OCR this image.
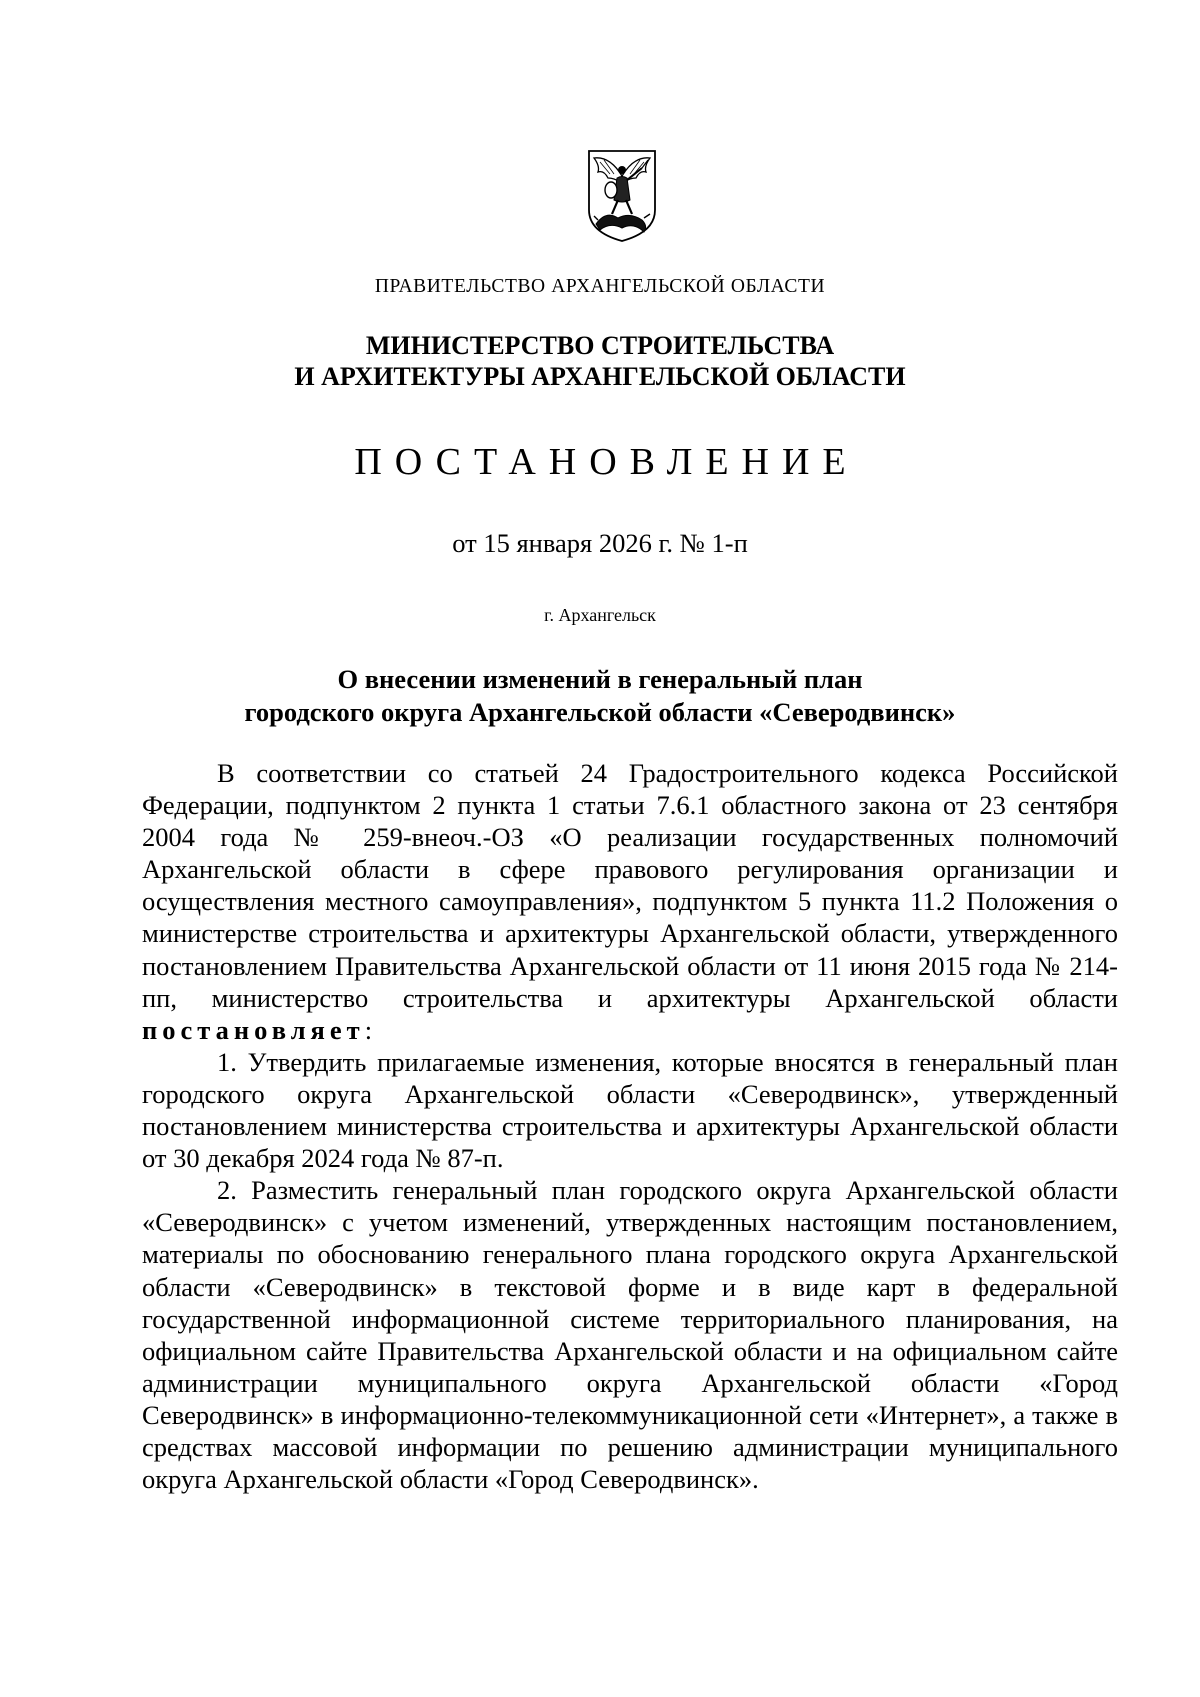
ПРАВИТЕЛЬСТВО АРХАНГЕЛЬСКОЙ ОБЛАСТИ
МИНИСТЕРСТВО СТРОИТЕЛЬСТВА
И АРХИТЕКТУРЫ АРХАНГЕЛЬСКОЙ ОБЛАСТИ
ПОСТАНОВЛЕНИЕ
от 15 января 2026 г. № 1-п
г. Архангельск
О внесении изменений в генеральный план
городского округа Архангельской области «Северодвинск»

В соответствии со статьей 24 Градостроительного кодекса Российской Федерации, подпунктом 2 пункта 1 статьи 7.6.1 областного закона от 23 сентября 2004 года № 259-внеоч.-ОЗ «О реализации государственных полномочий Архангельской области в сфере правового регулирования организации и осуществления местного самоуправления», подпунктом 5 пункта 11.2 Положения о министерстве строительства и архитектуры Архангельской области, утвержденного постановлением Правительства Архангельской области от 11 июня 2015 года № 214-пп, министерство строительства и архитектуры Архангельской области постановляет:

1. Утвердить прилагаемые изменения, которые вносятся в генеральный план городского округа Архангельской области «Северодвинск», утвержденный постановлением министерства строительства и архитектуры Архангельской области от 30 декабря 2024 года № 87-п.

2. Разместить генеральный план городского округа Архангельской области «Северодвинск» с учетом изменений, утвержденных настоящим постановлением, материалы по обоснованию генерального плана городского округа Архангельской области «Северодвинск» в текстовой форме и в виде карт в федеральной государственной информационной системе территориального планирования, на официальном сайте Правительства Архангельской области и на официальном сайте администрации муниципального округа Архангельской области «Город Северодвинск» в информационно-телекоммуникационной сети «Интернет», а также в средствах массовой информации по решению администрации муниципального округа Архангельской области «Город Северодвинск».
